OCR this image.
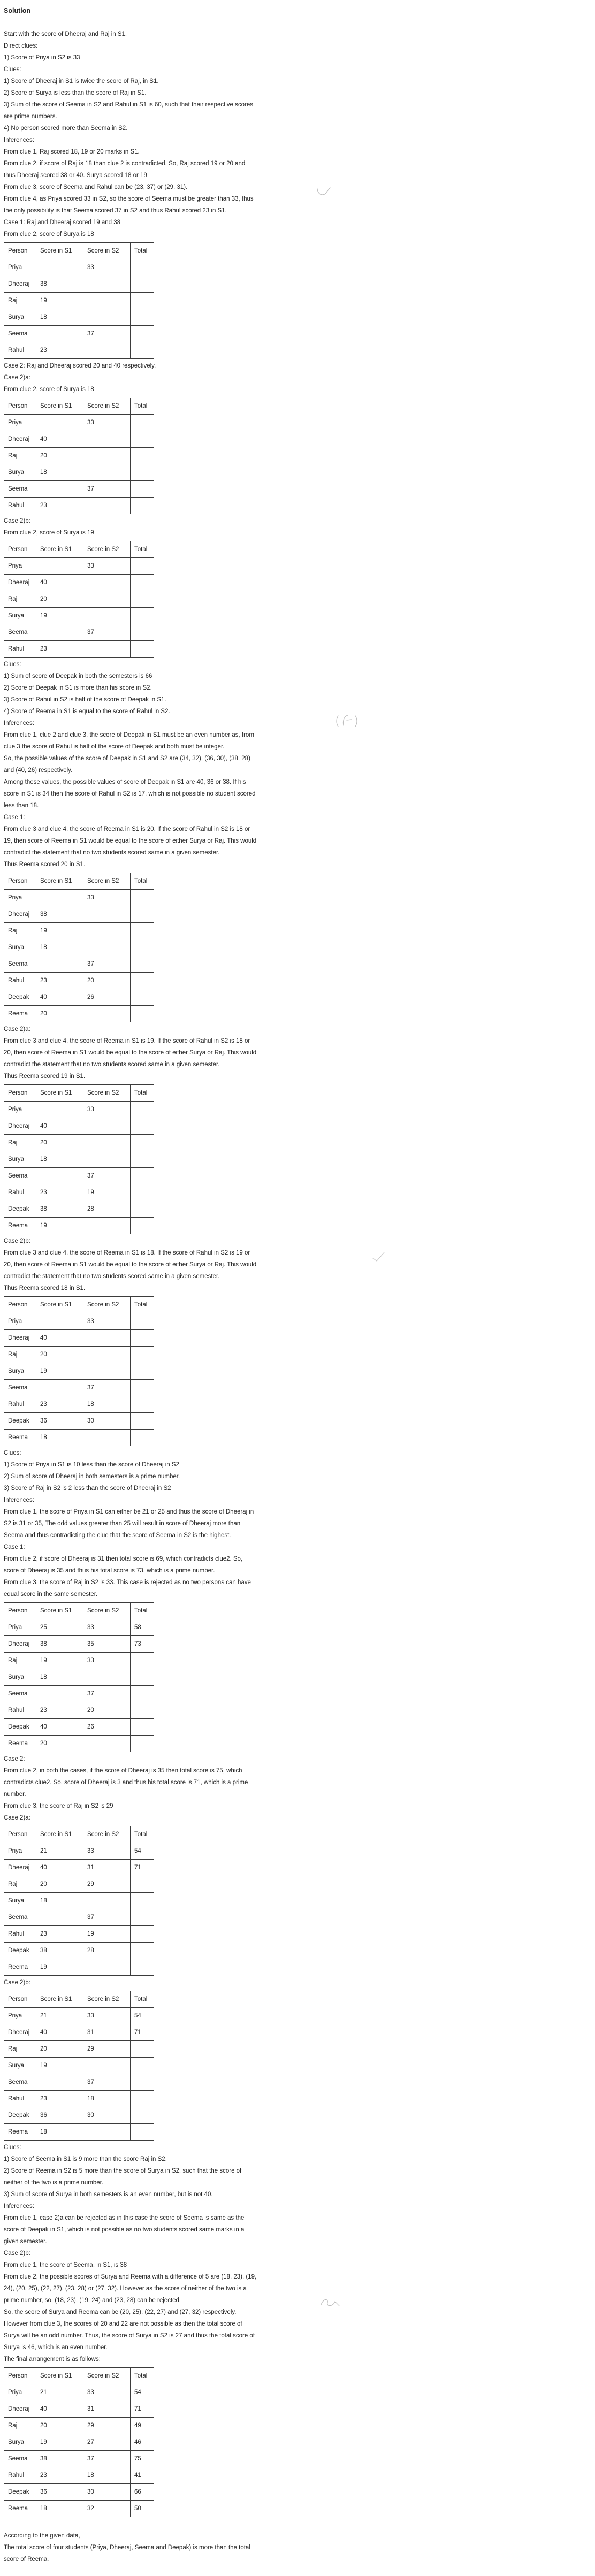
Solution
Start with the score of Dheeraj and Raj in S1.
Direct clues:
1) Score of Priya in S2 is 33
Clues:
1) Score of Dheeraj in S1 is twice the score of Raj, in S1.
2) Score of Surya is less than the score of Raj in S1.
3) Sum of the score of Seema in S2 and Rahul in S1 is 60, such that their respective scores
are prime numbers.
4) No person scored more than Seema in S2.
Inferences:
From clue 1, Raj scored 18, 19 or 20 marks in S1.
From clue 2, if score of Raj is 18 than clue 2 is contradicted. So, Raj scored 19 or 20 and
thus Dheeraj scored 38 or 40. Surya scored 18 or 19
From clue 3, score of Seema and Rahul can be (23, 37) or (29, 31).
From clue 4, as Priya scored 33 in S2, so the score of Seema must be greater than 33, thus
the only possibility is that Seema scored 37 in S2 and thus Rahul scored 23 in S1.
Case 1: Raj and Dheeraj scored 19 and 38
From clue 2, score of Surya is 18
Person	Score in S1	Score in S2	Total
Priya		33	
Dheeraj	38		
Raj	19		
Surya	18		
Seema		37	
Rahul	23		
Case 2: Raj and Dheeraj scored 20 and 40 respectively.
Case 2)a:
From clue 2, score of Surya is 18
Person	Score in S1	Score in S2	Total
Priya		33	
Dheeraj	40		
Raj	20		
Surya	18		
Seema		37	
Rahul	23		
Case 2)b:
From clue 2, score of Surya is 19
Person	Score in S1	Score in S2	Total
Priya		33	
Dheeraj	40		
Raj	20		
Surya	19		
Seema		37	
Rahul	23		
Clues:
1) Sum of score of Deepak in both the semesters is 66
2) Score of Deepak in S1 is more than his score in S2.
3) Score of Rahul in S2 is half of the score of Deepak in S1.
4) Score of Reema in S1 is equal to the score of Rahul in S2.
Inferences:
From clue 1, clue 2 and clue 3, the score of Deepak in S1 must be an even number as, from
clue 3 the score of Rahul is half of the score of Deepak and both must be integer.
So, the possible values of the score of Deepak in S1 and S2 are (34, 32), (36, 30), (38, 28)
and (40, 26) respectively.
Among these values, the possible values of score of Deepak in S1 are 40, 36 or 38. If his
score in S1 is 34 then the score of Rahul in S2 is 17, which is not possible no student scored
less than 18.
Case 1:
From clue 3 and clue 4, the score of Reema in S1 is 20. If the score of Rahul in S2 is 18 or
19, then score of Reema in S1 would be equal to the score of either Surya or Raj. This would
contradict the statement that no two students scored same in a given semester.
Thus Reema scored 20 in S1.
Person	Score in S1	Score in S2	Total
Priya		33	
Dheeraj	38		
Raj	19		
Surya	18		
Seema		37	
Rahul	23	20	
Deepak	40	26	
Reema	20		
Case 2)a:
From clue 3 and clue 4, the score of Reema in S1 is 19. If the score of Rahul in S2 is 18 or
20, then score of Reema in S1 would be equal to the score of either Surya or Raj. This would
contradict the statement that no two students scored same in a given semester.
Thus Reema scored 19 in S1.
Person	Score in S1	Score in S2	Total
Priya		33	
Dheeraj	40		
Raj	20		
Surya	18		
Seema		37	
Rahul	23	19	
Deepak	38	28	
Reema	19		
Case 2)b:
From clue 3 and clue 4, the score of Reema in S1 is 18. If the score of Rahul in S2 is 19 or
20, then score of Reema in S1 would be equal to the score of either Surya or Raj. This would
contradict the statement that no two students scored same in a given semester.
Thus Reema scored 18 in S1.
Person	Score in S1	Score in S2	Total
Priya		33	
Dheeraj	40		
Raj	20		
Surya	19		
Seema		37	
Rahul	23	18	
Deepak	36	30	
Reema	18		
Clues:
1) Score of Priya in S1 is 10 less than the score of Dheeraj in S2
2) Sum of score of Dheeraj in both semesters is a prime number.
3) Score of Raj in S2 is 2 less than the score of Dheeraj in S2
Inferences:
From clue 1, the score of Priya in S1 can either be 21 or 25 and thus the score of Dheeraj in
S2 is 31 or 35, The odd values greater than 25 will result in score of Dheeraj more than
Seema and thus contradicting the clue that the score of Seema in S2 is the highest.
Case 1:
From clue 2, if score of Dheeraj is 31 then total score is 69, which contradicts clue2. So,
score of Dheeraj is 35 and thus his total score is 73, which is a prime number.
From clue 3, the score of Raj in S2 is 33. This case is rejected as no two persons can have
equal score in the same semester.
Person	Score in S1	Score in S2	Total
Priya	25	33	58
Dheeraj	38	35	73
Raj	19	33	
Surya	18		
Seema		37	
Rahul	23	20	
Deepak	40	26	
Reema	20		
Case 2:
From clue 2, in both the cases, if the score of Dheeraj is 35 then total score is 75, which
contradicts clue2. So, score of Dheeraj is 3 and thus his total score is 71, which is a prime
number.
From clue 3, the score of Raj in S2 is 29
Case 2)a:
Person	Score in S1	Score in S2	Total
Priya	21	33	54
Dheeraj	40	31	71
Raj	20	29	
Surya	18		
Seema		37	
Rahul	23	19	
Deepak	38	28	
Reema	19		
Case 2)b:
Person	Score in S1	Score in S2	Total
Priya	21	33	54
Dheeraj	40	31	71
Raj	20	29	
Surya	19		
Seema		37	
Rahul	23	18	
Deepak	36	30	
Reema	18		
Clues:
1) Score of Seema in S1 is 9 more than the score Raj in S2.
2) Score of Reema in S2 is 5 more than the score of Surya in S2, such that the score of
neither of the two is a prime number.
3) Sum of score of Surya in both semesters is an even number, but is not 40.
Inferences:
From clue 1, case 2)a can be rejected as in this case the score of Seema is same as the
score of Deepak in S1, which is not possible as no two students scored same marks in a
given semester.
Case 2)b:
From clue 1, the score of Seema, in S1, is 38
From clue 2, the possible scores of Surya and Reema with a difference of 5 are (18, 23), (19,
24), (20, 25), (22, 27), (23, 28) or (27, 32). However as the score of neither of the two is a
prime number, so, (18, 23), (19, 24) and (23, 28) can be rejected.
So, the score of Surya and Reema can be (20, 25), (22, 27) and (27, 32) respectively.
However from clue 3, the scores of 20 and 22 are not possible as then the total score of
Surya will be an odd number. Thus, the score of Surya in S2 is 27 and thus the total score of
Surya is 46, which is an even number.
The final arrangement is as follows:
Person	Score in S1	Score in S2	Total
Priya	21	33	54
Dheeraj	40	31	71
Raj	20	29	49
Surya	19	27	46
Seema	38	37	75
Rahul	23	18	41
Deepak	36	30	66
Reema	18	32	50
According to the given data,
The total score of four students (Priya, Dheeraj, Seema and Deepak) is more than the total
score of Reema.
